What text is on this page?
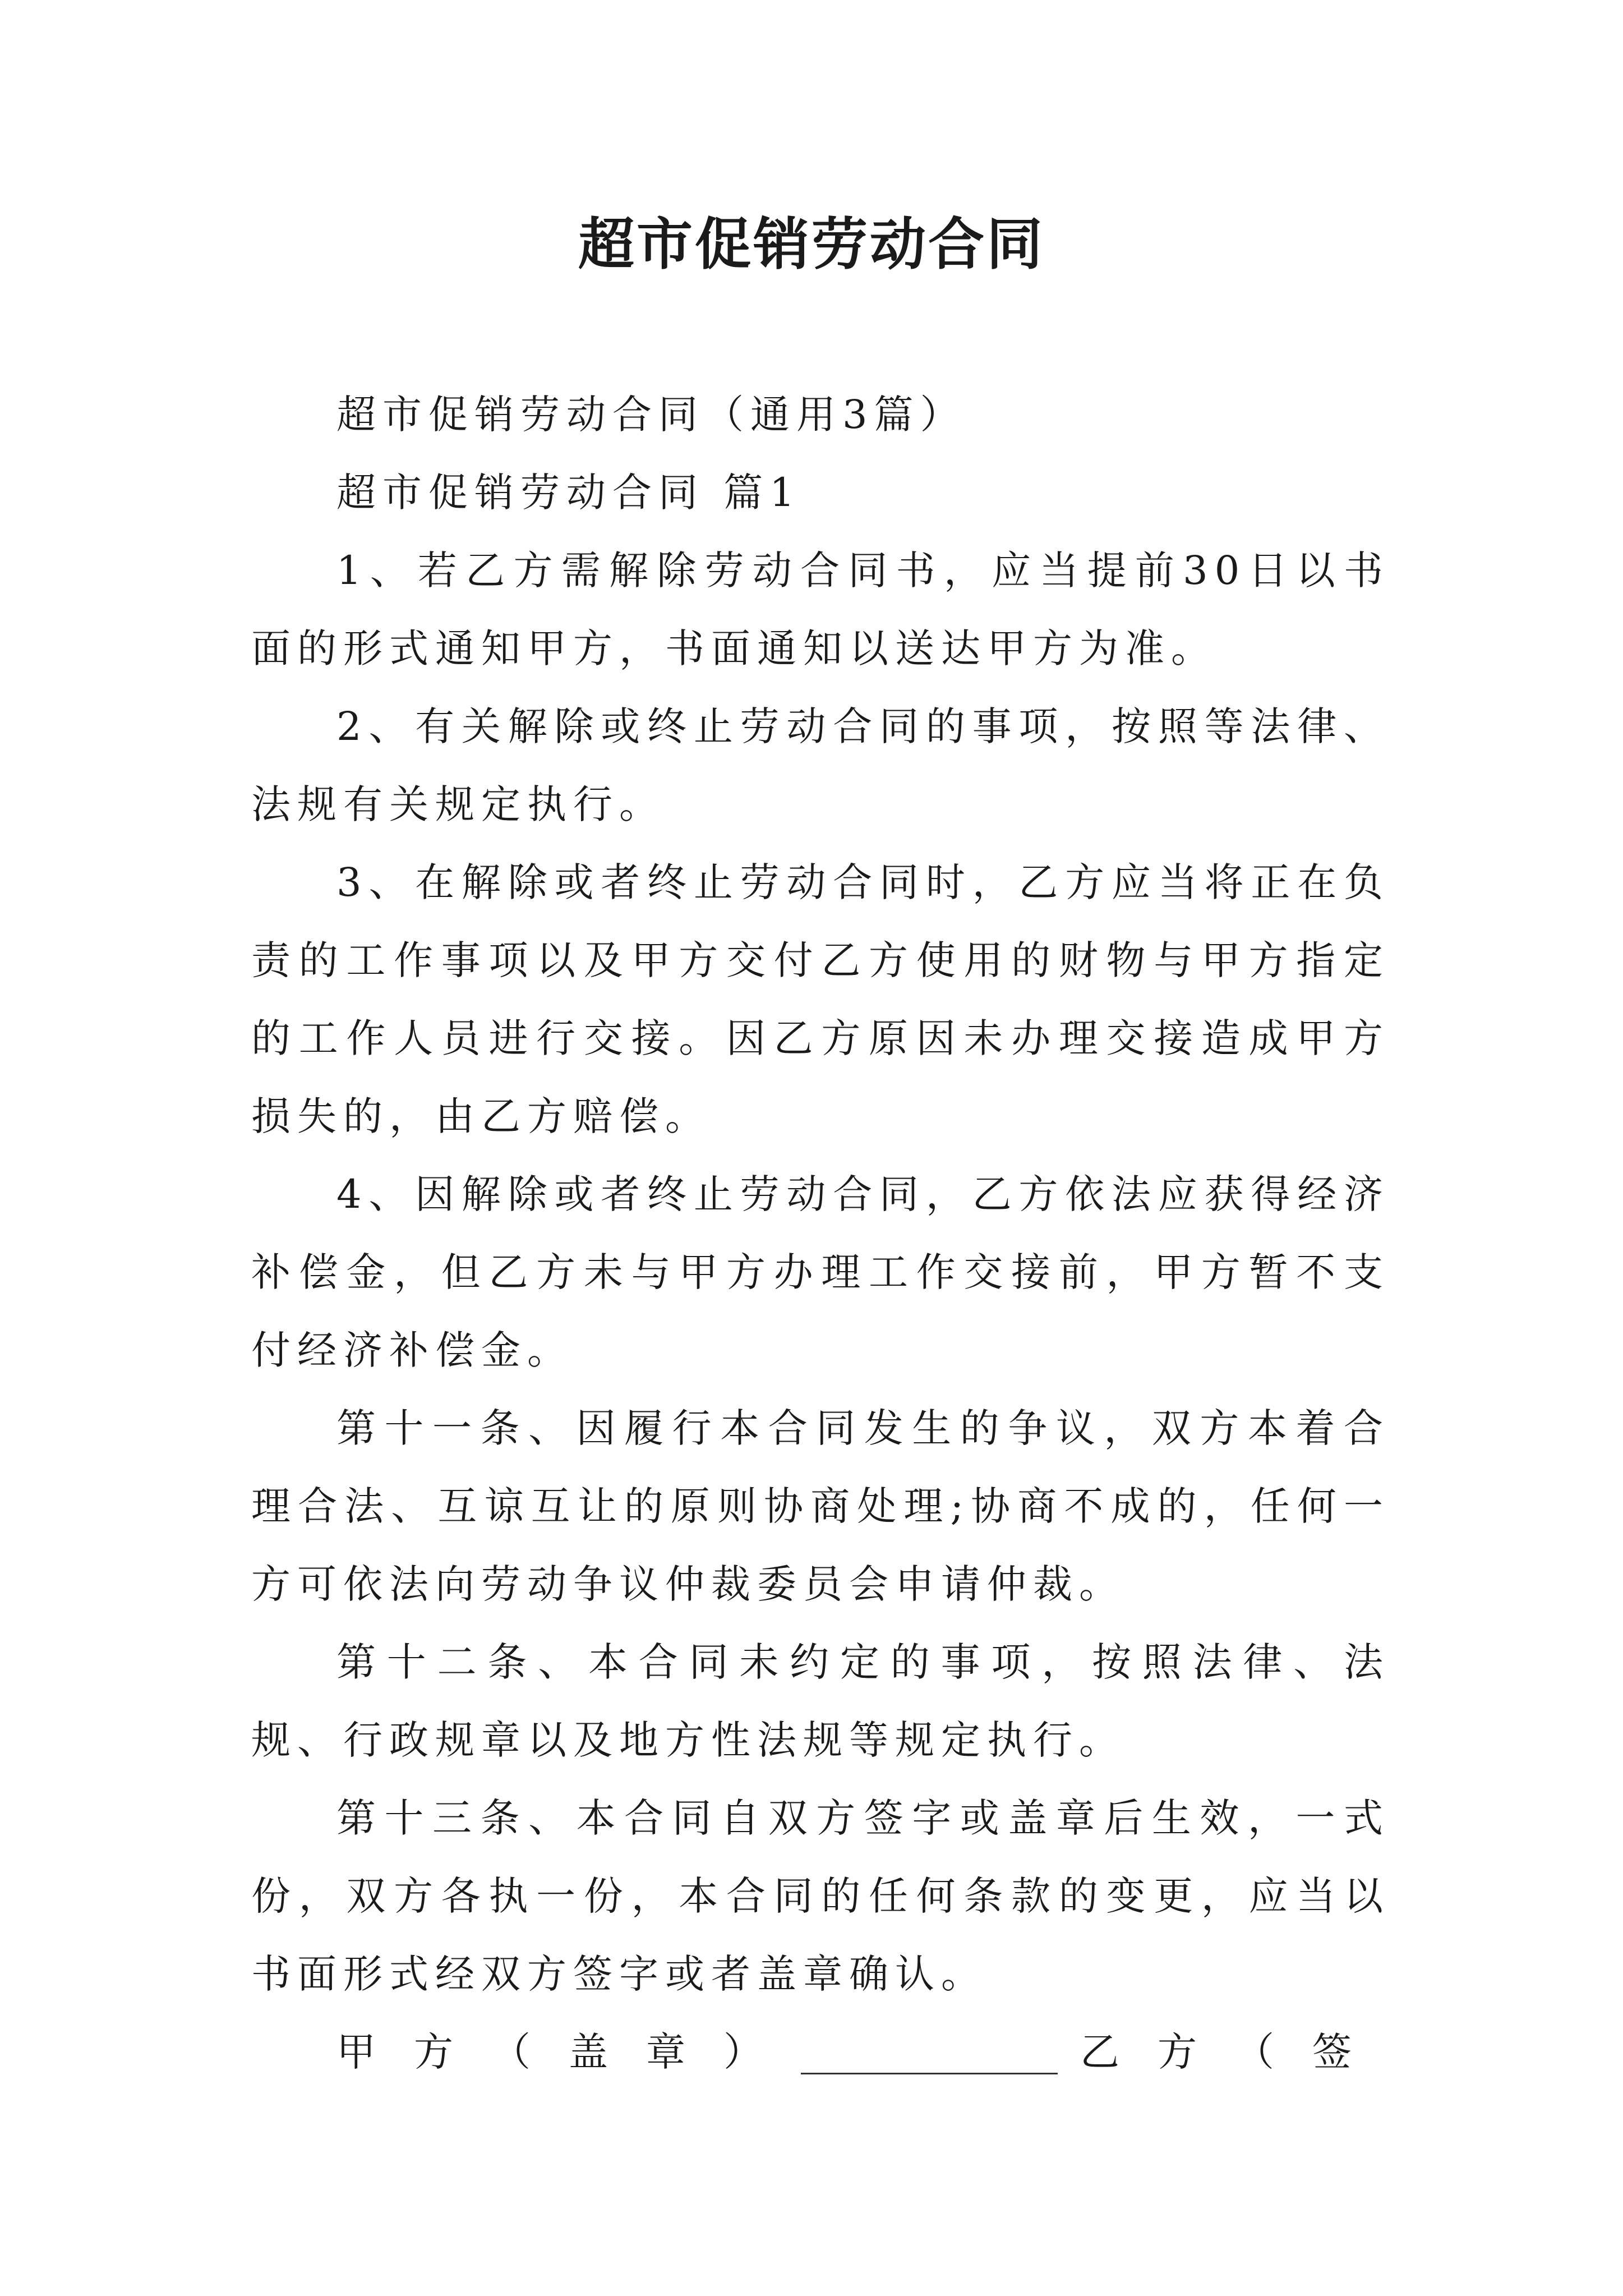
超市促销劳动合同

超市促销劳动合同（通用3篇）

超市促销劳动合同 篇1

1、若乙方需解除劳动合同书，应当提前30日以书面的形式通知甲方，书面通知以送达甲方为准。

2、有关解除或终止劳动合同的事项，按照等法律、法规有关规定执行。

3、在解除或者终止劳动合同时，乙方应当将正在负责的工作事项以及甲方交付乙方使用的财物与甲方指定的工作人员进行交接。因乙方原因未办理交接造成甲方损失的，由乙方赔偿。

4、因解除或者终止劳动合同，乙方依法应获得经济补偿金，但乙方未与甲方办理工作交接前，甲方暂不支付经济补偿金。

第十一条、因履行本合同发生的争议，双方本着合理合法、互谅互让的原则协商处理;协商不成的，任何一方可依法向劳动争议仲裁委员会申请仲裁。

第十二条、本合同未约定的事项，按照法律、法规、行政规章以及地方性法规等规定执行。

第十三条、本合同自双方签字或盖章后生效，一式份，双方各执一份，本合同的任何条款的变更，应当以书面形式经双方签字或者盖章确认。

甲方（盖章）	乙方（签
